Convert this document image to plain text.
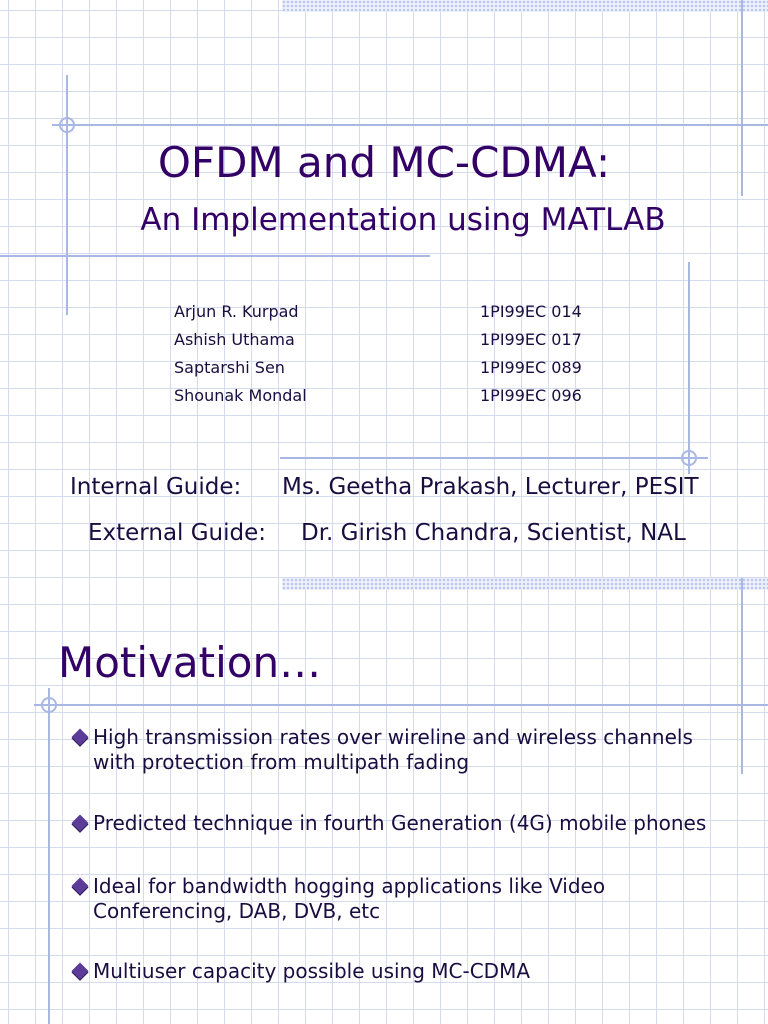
OFDM and MC-CDMA:
An Implementation using MATLAB
Arjun R. Kurpad
Ashish Uthama
Saptarshi Sen
Shounak Mondal
1PI99EC 014
1PI99EC 017
1PI99EC 089
1PI99EC 096
Internal Guide: Ms. Geetha Prakash, Lecturer, PESIT
External Guide: Dr. Girish Chandra, Scientist, NAL
Motivation…
High transmission rates over wireline and wireless channels with protection from multipath fading
Predicted technique in fourth Generation (4G) mobile phones
Ideal for bandwidth hogging applications like Video Conferencing, DAB, DVB, etc
Multiuser capacity possible using MC-CDMA
